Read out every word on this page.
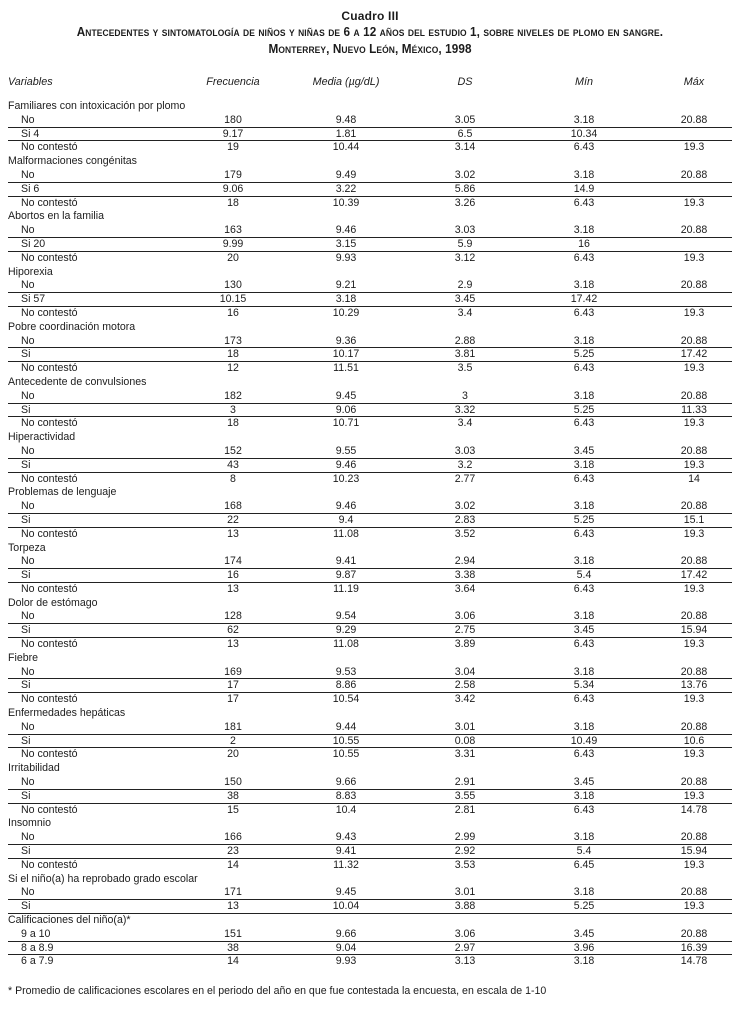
Cuadro III
Antecedentes y sintomatología de niños y niñas de 6 a 12 años del estudio 1, sobre niveles de plomo en sangre.
Monterrey, Nuevo León, México, 1998
Variables	Frecuencia	Media (µg/dL)	DS	Mín	Máx
Familiares con intoxicación por plomo
No	180	9.48	3.05	3.18	20.88
Si 4	9.17	1.81	6.5	10.34
No contestó	19	10.44	3.14	6.43	19.3
Malformaciones congénitas
No	179	9.49	3.02	3.18	20.88
Si 6	9.06	3.22	5.86	14.9
No contestó	18	10.39	3.26	6.43	19.3
Abortos en la familia
No	163	9.46	3.03	3.18	20.88
Si 20	9.99	3.15	5.9	16
No contestó	20	9.93	3.12	6.43	19.3
Hiporexia
No	130	9.21	2.9	3.18	20.88
Si 57	10.15	3.18	3.45	17.42
No contestó	16	10.29	3.4	6.43	19.3
Pobre coordinación motora
No	173	9.36	2.88	3.18	20.88
Si	18	10.17	3.81	5.25	17.42
No contestó	12	11.51	3.5	6.43	19.3
Antecedente de convulsiones
No	182	9.45	3	3.18	20.88
Si	3	9.06	3.32	5.25	11.33
No contestó	18	10.71	3.4	6.43	19.3
Hiperactividad
No	152	9.55	3.03	3.45	20.88
Si	43	9.46	3.2	3.18	19.3
No contestó	8	10.23	2.77	6.43	14
Problemas de lenguaje
No	168	9.46	3.02	3.18	20.88
Si	22	9.4	2.83	5.25	15.1
No contestó	13	11.08	3.52	6.43	19.3
Torpeza
No	174	9.41	2.94	3.18	20.88
Si	16	9.87	3.38	5.4	17.42
No contestó	13	11.19	3.64	6.43	19.3
Dolor de estómago
No	128	9.54	3.06	3.18	20.88
Si	62	9.29	2.75	3.45	15.94
No contestó	13	11.08	3.89	6.43	19.3
Fiebre
No	169	9.53	3.04	3.18	20.88
Si	17	8.86	2.58	5.34	13.76
No contestó	17	10.54	3.42	6.43	19.3
Enfermedades hepáticas
No	181	9.44	3.01	3.18	20.88
Si	2	10.55	0.08	10.49	10.6
No contestó	20	10.55	3.31	6.43	19.3
Irritabilidad
No	150	9.66	2.91	3.45	20.88
Si	38	8.83	3.55	3.18	19.3
No contestó	15	10.4	2.81	6.43	14.78
Insomnio
No	166	9.43	2.99	3.18	20.88
Si	23	9.41	2.92	5.4	15.94
No contestó	14	11.32	3.53	6.45	19.3
Si el niño(a) ha reprobado grado escolar
No	171	9.45	3.01	3.18	20.88
Si	13	10.04	3.88	5.25	19.3
Calificaciones del niño(a)*
9 a 10	151	9.66	3.06	3.45	20.88
8 a 8.9	38	9.04	2.97	3.96	16.39
6 a 7.9	14	9.93	3.13	3.18	14.78
* Promedio de calificaciones escolares en el periodo del año en que fue contestada la encuesta, en escala de 1-10
